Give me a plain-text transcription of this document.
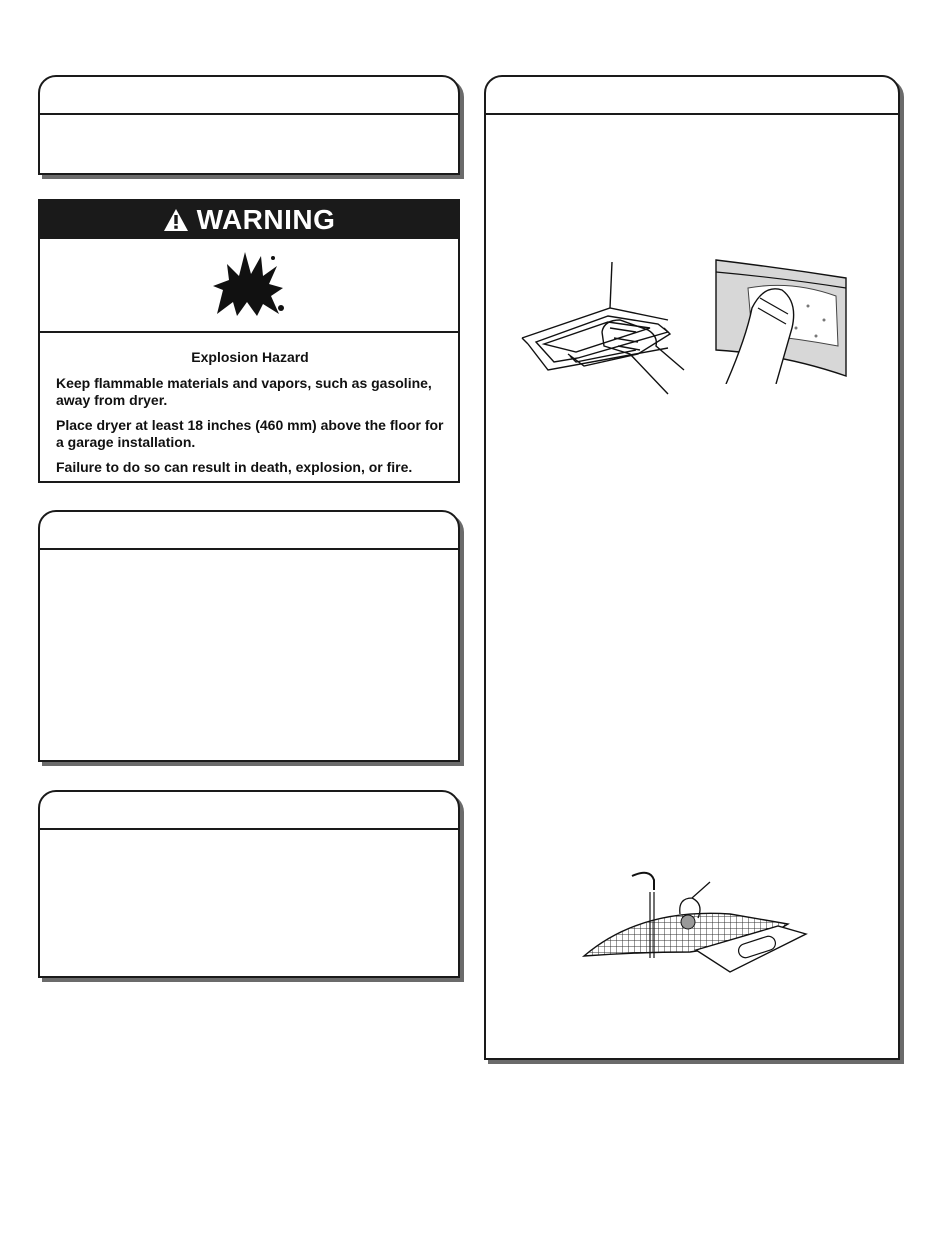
WARNING
Explosion Hazard

Keep flammable materials and vapors, such as gasoline, away from dryer.

Place dryer at least 18 inches (460 mm) above the floor for a garage installation.

Failure to do so can result in death, explosion, or fire.
